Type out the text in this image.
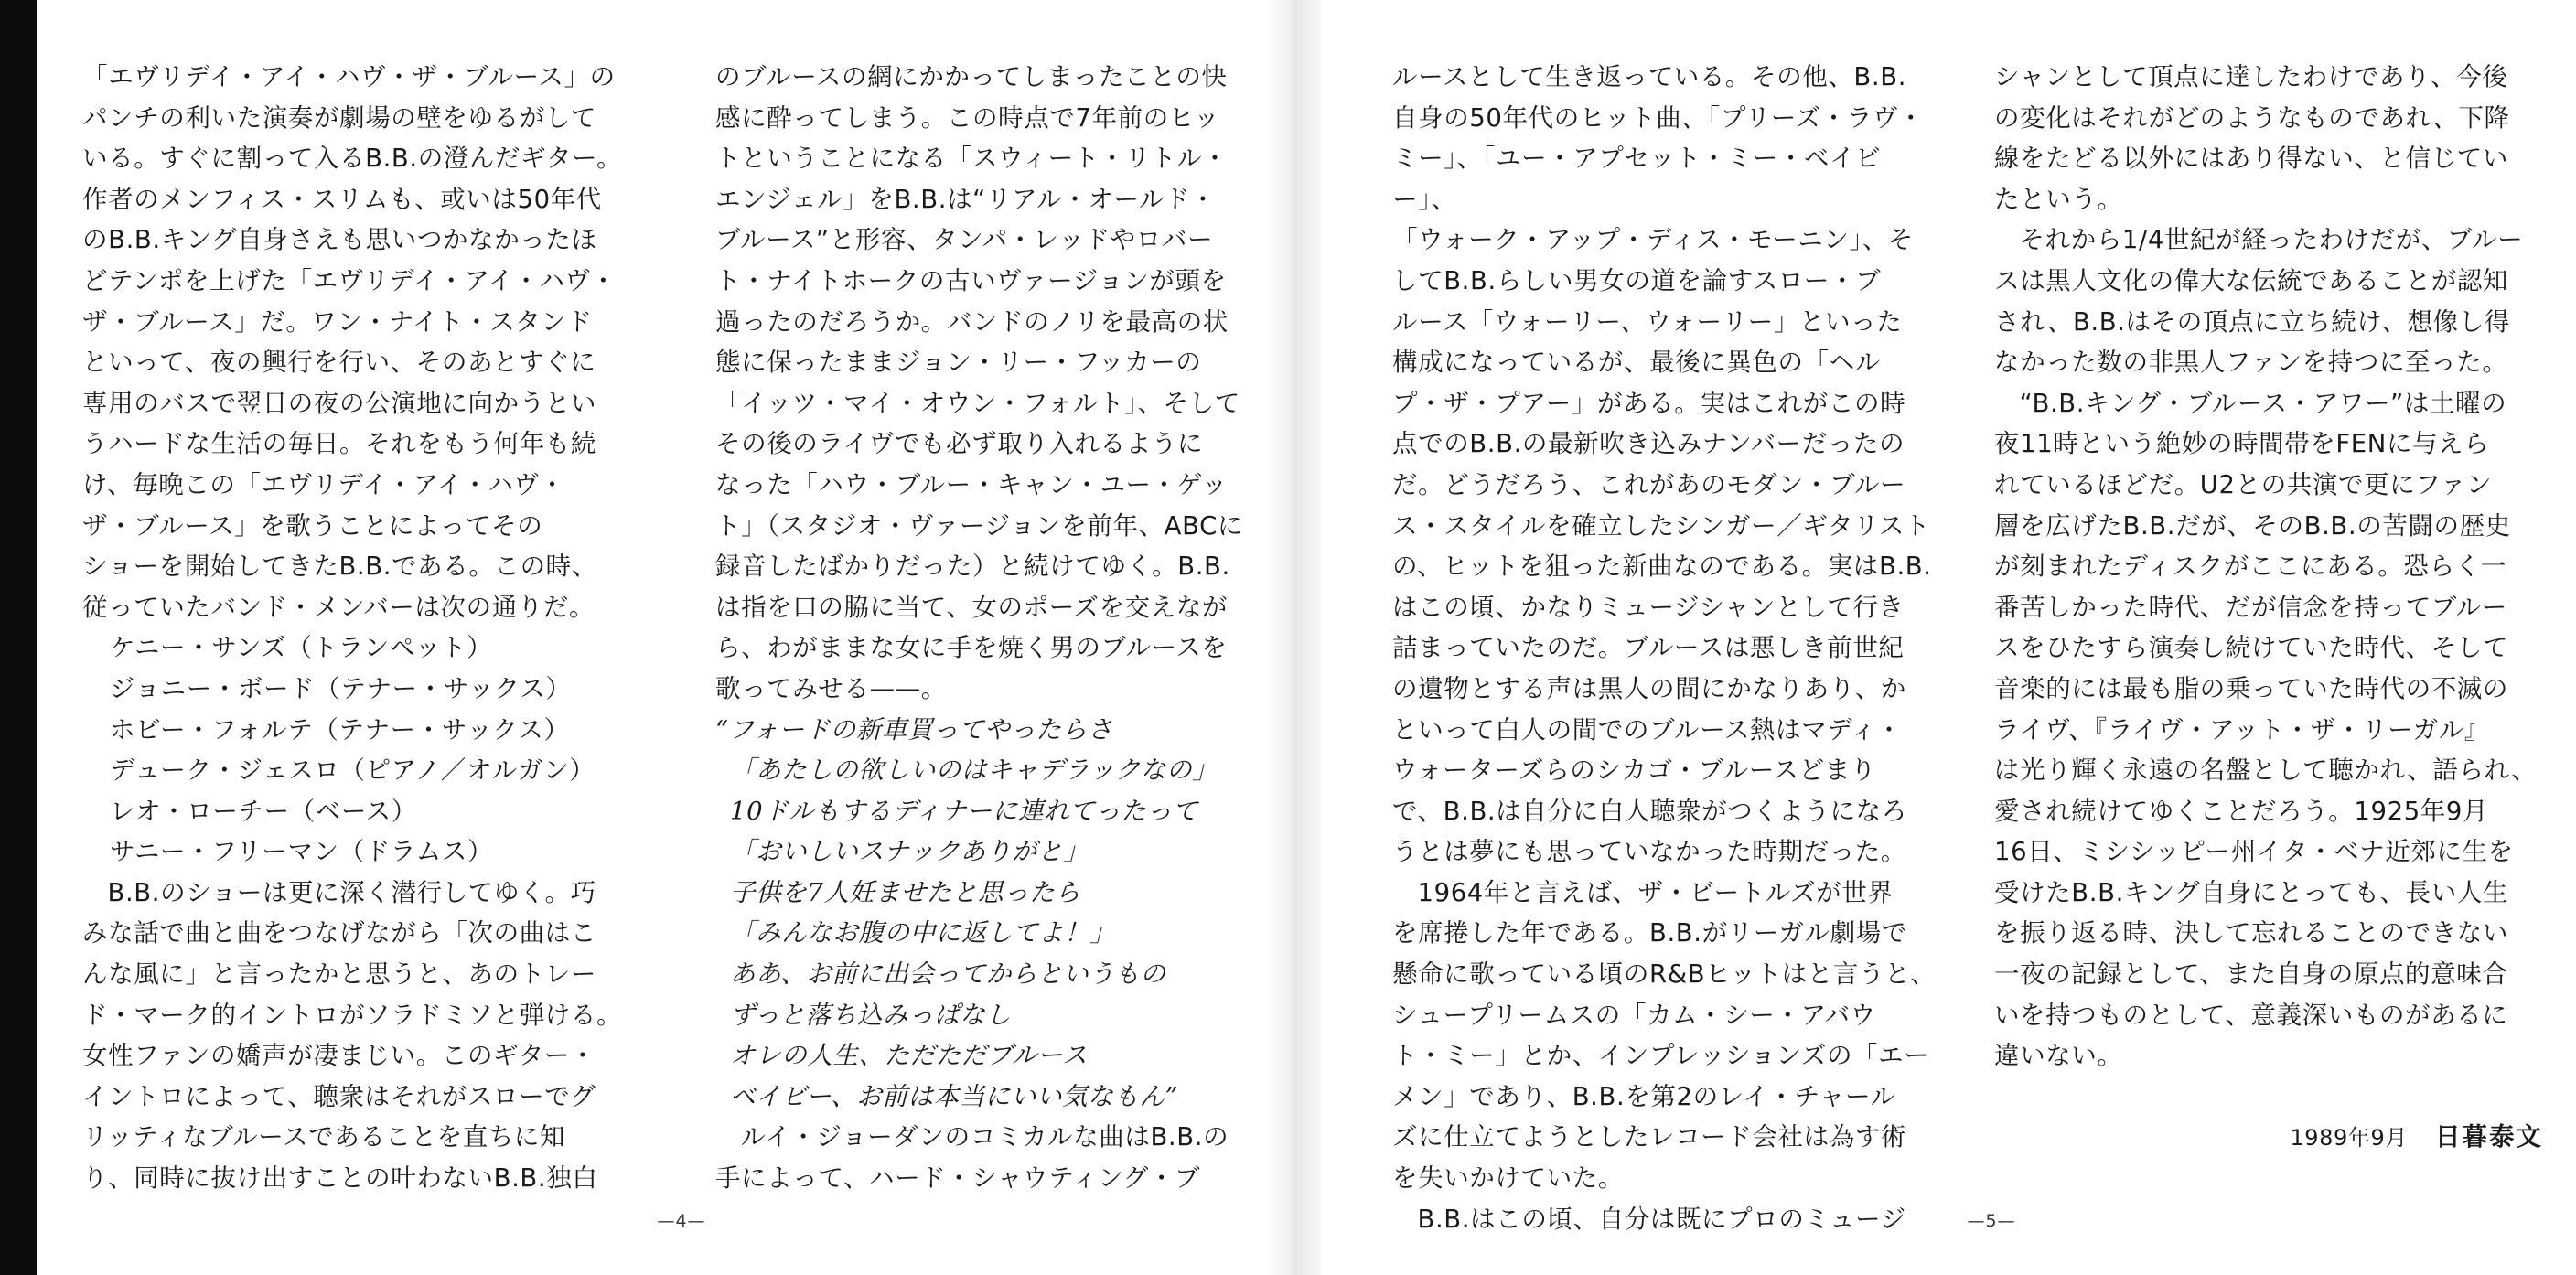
「エヴリデイ・アイ・ハヴ・ザ・ブルース」の
パンチの利いた演奏が劇場の壁をゆるがして
いる。すぐに割って入るB.B.の澄んだギター。
作者のメンフィス・スリムも、或いは50年代
のB.B.キング自身さえも思いつかなかったほ
どテンポを上げた「エヴリデイ・アイ・ハヴ・
ザ・ブルース」だ。ワン・ナイト・スタンド
といって、夜の興行を行い、そのあとすぐに
専用のバスで翌日の夜の公演地に向かうとい
うハードな生活の毎日。それをもう何年も続
け、毎晩この「エヴリデイ・アイ・ハヴ・
ザ・ブルース」を歌うことによってその
ショーを開始してきたB.B.である。この時、
従っていたバンド・メンバーは次の通りだ。

ケニー・サンズ（トランペット）
ジョニー・ボード（テナー・サックス）
ホビー・フォルテ（テナー・サックス）
デューク・ジェスロ（ピアノ／オルガン）
レオ・ローチー（ベース）
サニー・フリーマン（ドラムス）

B.B.のショーは更に深く潜行してゆく。巧
みな話で曲と曲をつなげながら「次の曲はこ
んな風に」と言ったかと思うと、あのトレー
ド・マーク的イントロがソラドミソと弾ける。
女性ファンの嬌声が凄まじい。このギター・
イントロによって、聴衆はそれがスローでグ
リッティなブルースであることを直ちに知
り、同時に抜け出すことの叶わないB.B.独白

のブルースの網にかかってしまったことの快
感に酔ってしまう。この時点で7年前のヒッ
トということになる「スウィート・リトル・
エンジェル」をB.B.は“リアル・オールド・
ブルース”と形容、タンパ・レッドやロバー
ト・ナイトホークの古いヴァージョンが頭を
過ったのだろうか。バンドのノリを最高の状
態に保ったままジョン・リー・フッカーの
「イッツ・マイ・オウン・フォルト」、そして
その後のライヴでも必ず取り入れるように
なった「ハウ・ブルー・キャン・ユー・ゲッ
ト」（スタジオ・ヴァージョンを前年、ABCに
録音したばかりだった）と続けてゆく。B.B.
は指を口の脇に当て、女のポーズを交えなが
ら、わがままな女に手を焼く男のブルースを
歌ってみせる——。

“フォードの新車買ってやったらさ
「あたしの欲しいのはキャデラックなの」
10ドルもするディナーに連れてったって
「おいしいスナックありがと」
子供を7人妊ませたと思ったら
「みんなお腹の中に返してよ！」
ああ、お前に出会ってからというもの
ずっと落ち込みっぱなし
オレの人生、ただただブルース
ベイビー、お前は本当にいい気なもん”

ルイ・ジョーダンのコミカルな曲はB.B.の
手によって、ハード・シャウティング・ブ

ルースとして生き返っている。その他、B.B.
自身の50年代のヒット曲、「プリーズ・ラヴ・
ミー」、「ユー・アプセット・ミー・ベイビー」、
「ウォーク・アップ・ディス・モーニン」、そ
してB.B.らしい男女の道を論すスロー・ブ
ルース「ウォーリー、ウォーリー」といった
構成になっているが、最後に異色の「ヘル
プ・ザ・プアー」がある。実はこれがこの時
点でのB.B.の最新吹き込みナンバーだったの
だ。どうだろう、これがあのモダン・ブルー
ス・スタイルを確立したシンガー／ギタリスト
の、ヒットを狙った新曲なのである。実はB.B.
はこの頃、かなりミュージシャンとして行き
詰まっていたのだ。ブルースは悪しき前世紀
の遺物とする声は黒人の間にかなりあり、か
といって白人の間でのブルース熱はマディ・
ウォーターズらのシカゴ・ブルースどまり
で、B.B.は自分に白人聴衆がつくようになろ
うとは夢にも思っていなかった時期だった。

1964年と言えば、ザ・ビートルズが世界
を席捲した年である。B.B.がリーガル劇場で
懸命に歌っている頃のR&Bヒットはと言うと、
シュープリームスの「カム・シー・アバウ
ト・ミー」とか、インプレッションズの「エー
メン」であり、B.B.を第2のレイ・チャール
ズに仕立てようとしたレコード会社は為す術
を失いかけていた。

B.B.はこの頃、自分は既にプロのミュージ

シャンとして頂点に達したわけであり、今後
の変化はそれがどのようなものであれ、下降
線をたどる以外にはあり得ない、と信じてい
たという。

それから1/4世紀が経ったわけだが、ブルー
スは黒人文化の偉大な伝統であることが認知
され、B.B.はその頂点に立ち続け、想像し得
なかった数の非黒人ファンを持つに至った。

“B.B.キング・ブルース・アワー”は土曜の
夜11時という絶妙の時間帯をFENに与えら
れているほどだ。U2との共演で更にファン
層を広げたB.B.だが、そのB.B.の苦闘の歴史
が刻まれたディスクがここにある。恐らく一
番苦しかった時代、だが信念を持ってブルー
スをひたすら演奏し続けていた時代、そして
音楽的には最も脂の乗っていた時代の不滅の
ライヴ、『ライヴ・アット・ザ・リーガル』
は光り輝く永遠の名盤として聴かれ、語られ、
愛され続けてゆくことだろう。1925年9月
16日、ミシシッピー州イタ・ベナ近郊に生を
受けたB.B.キング自身にとっても、長い人生
を振り返る時、決して忘れることのできない
一夜の記録として、また自身の原点的意味合
いを持つものとして、意義深いものがあるに
違いない。

1989年9月 日暮泰文
—4—	—5—
